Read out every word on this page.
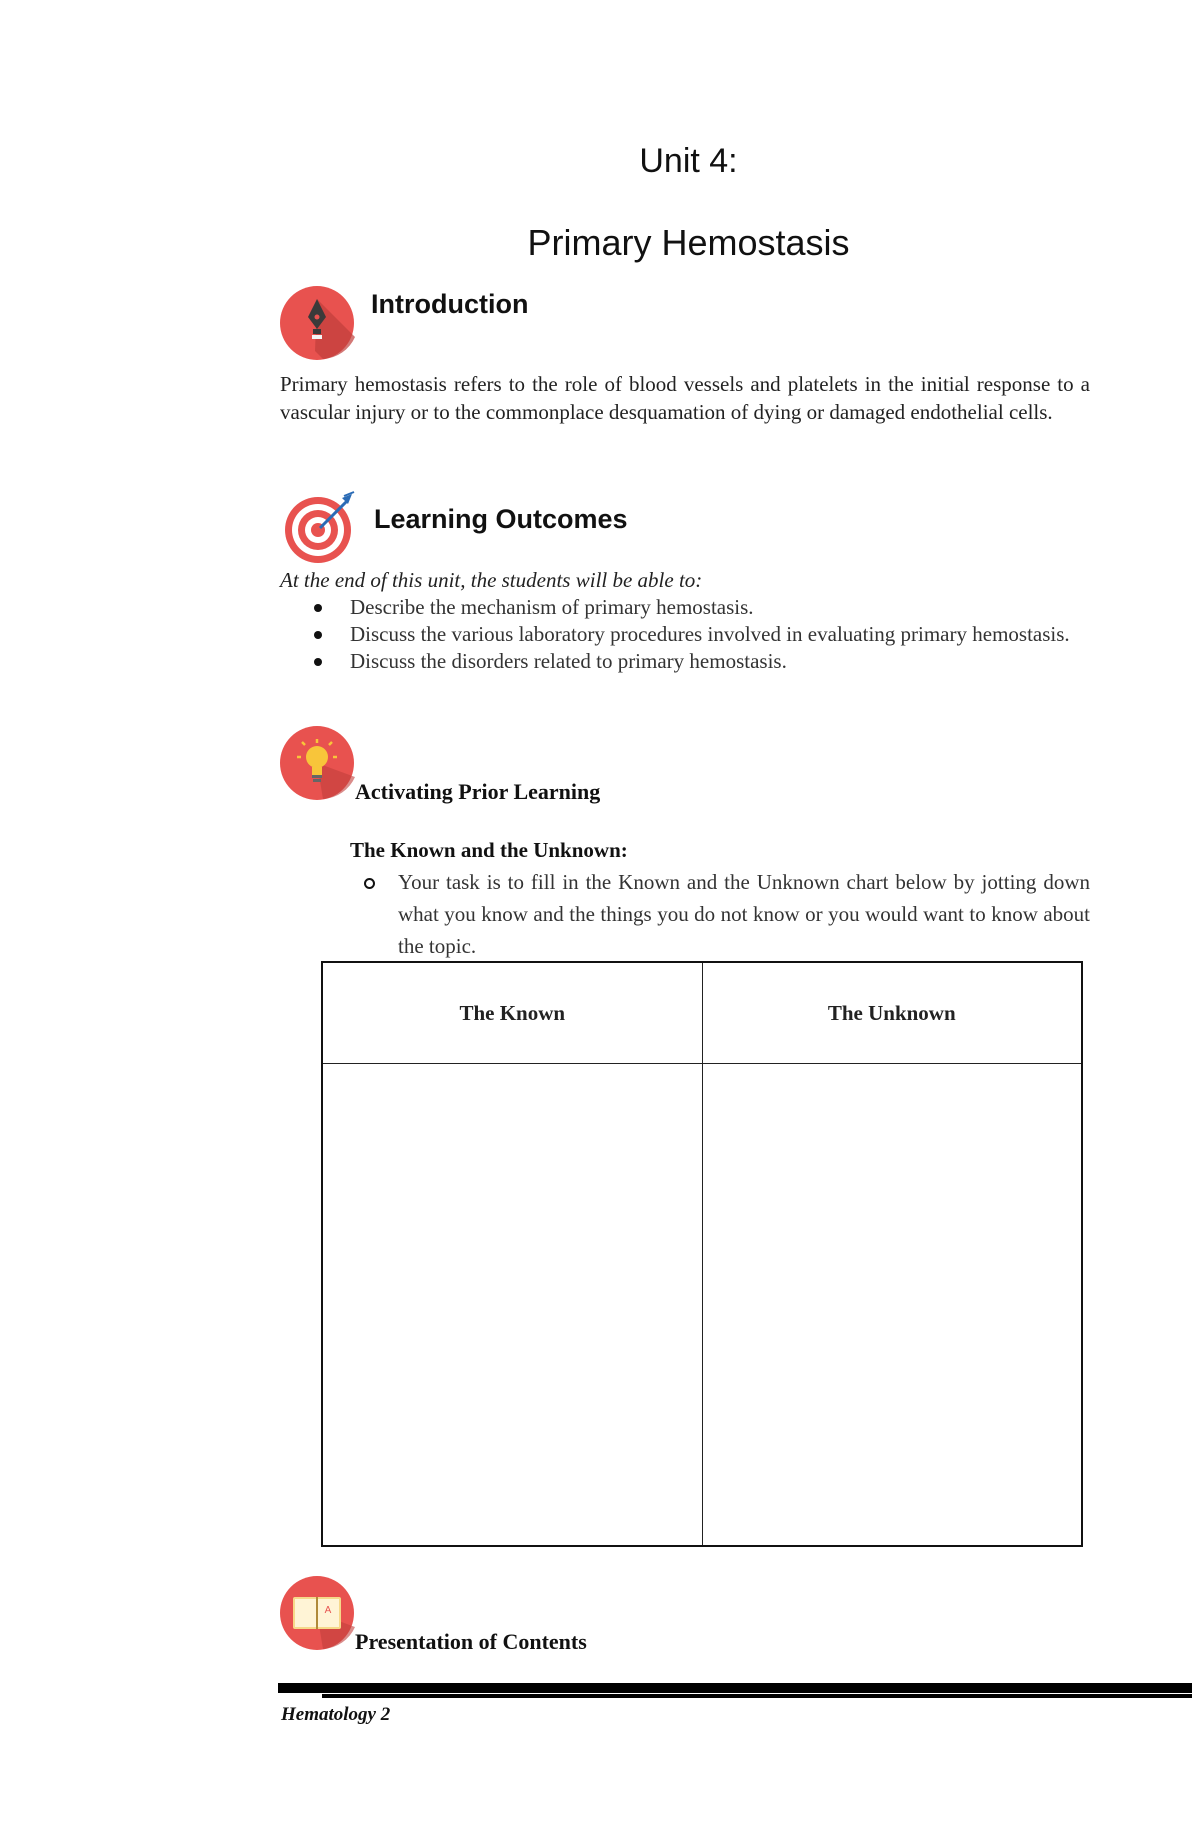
Unit 4:
Primary Hemostasis
Introduction
Primary hemostasis refers to the role of blood vessels and platelets in the initial response to a vascular injury or to the commonplace desquamation of dying or damaged endothelial cells.
Learning Outcomes
At the end of this unit, the students will be able to:
Describe the mechanism of primary hemostasis.
Discuss the various laboratory procedures involved in evaluating primary hemostasis.
Discuss the disorders related to primary hemostasis.
Activating Prior Learning
The Known and the Unknown:
Your task is to fill in the Known and the Unknown chart below by jotting down what you know and the things you do not know or you would want to know about the topic.
The Known	The Unknown

A
Presentation of Contents
Hematology 2
